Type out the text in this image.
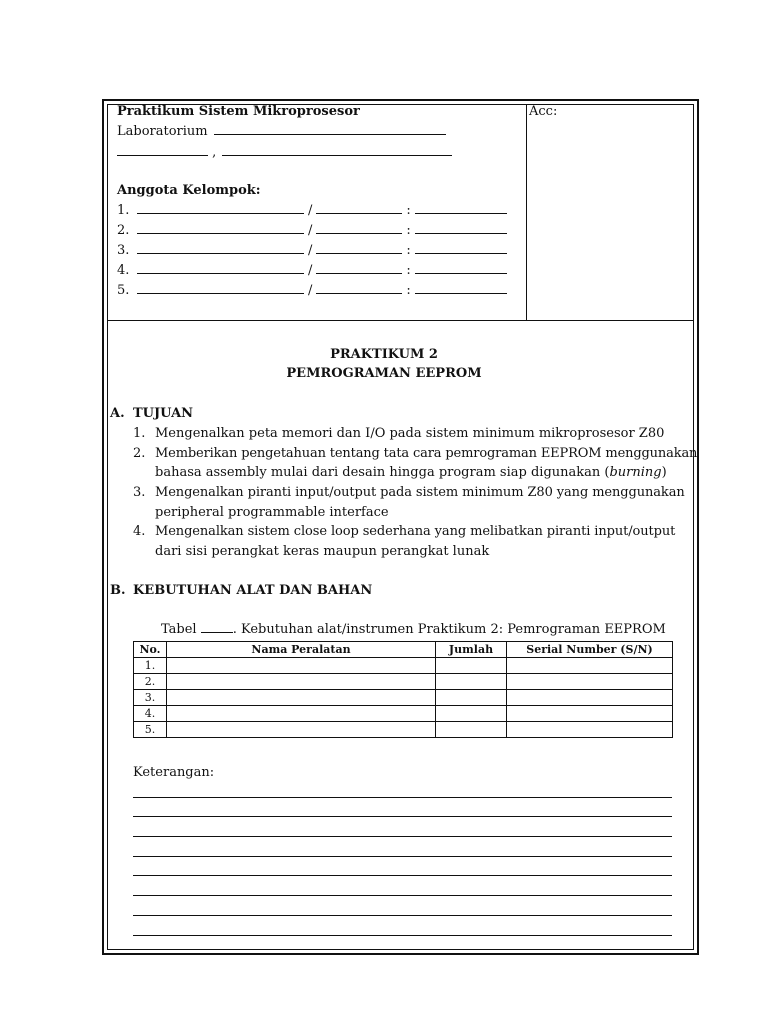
Praktikum Sistem Mikroprosesor	Acc:
Laboratorium
,
Anggota Kelompok:
1.	/	:
2.	/	:
3.	/	:
4.	/	:
5.	/	:
PRAKTIKUM 2
PEMROGRAMAN EEPROM
A. TUJUAN
1. Mengenalkan peta memori dan I/O pada sistem minimum mikroprosesor Z80
2. Memberikan pengetahuan tentang tata cara pemrograman EEPROM menggunakan
bahasa assembly mulai dari desain hingga program siap digunakan (burning)
3. Mengenalkan piranti input/output pada sistem minimum Z80 yang menggunakan
peripheral programmable interface
4. Mengenalkan sistem close loop sederhana yang melibatkan piranti input/output
dari sisi perangkat keras maupun perangkat lunak
B. KEBUTUHAN ALAT DAN BAHAN
Tabel . Kebutuhan alat/instrumen Praktikum 2: Pemrograman EEPROM
No.	Nama Peralatan	Jumlah	Serial Number (S/N)
1.			
2.			
3.			
4.			
5.			
Keterangan:
